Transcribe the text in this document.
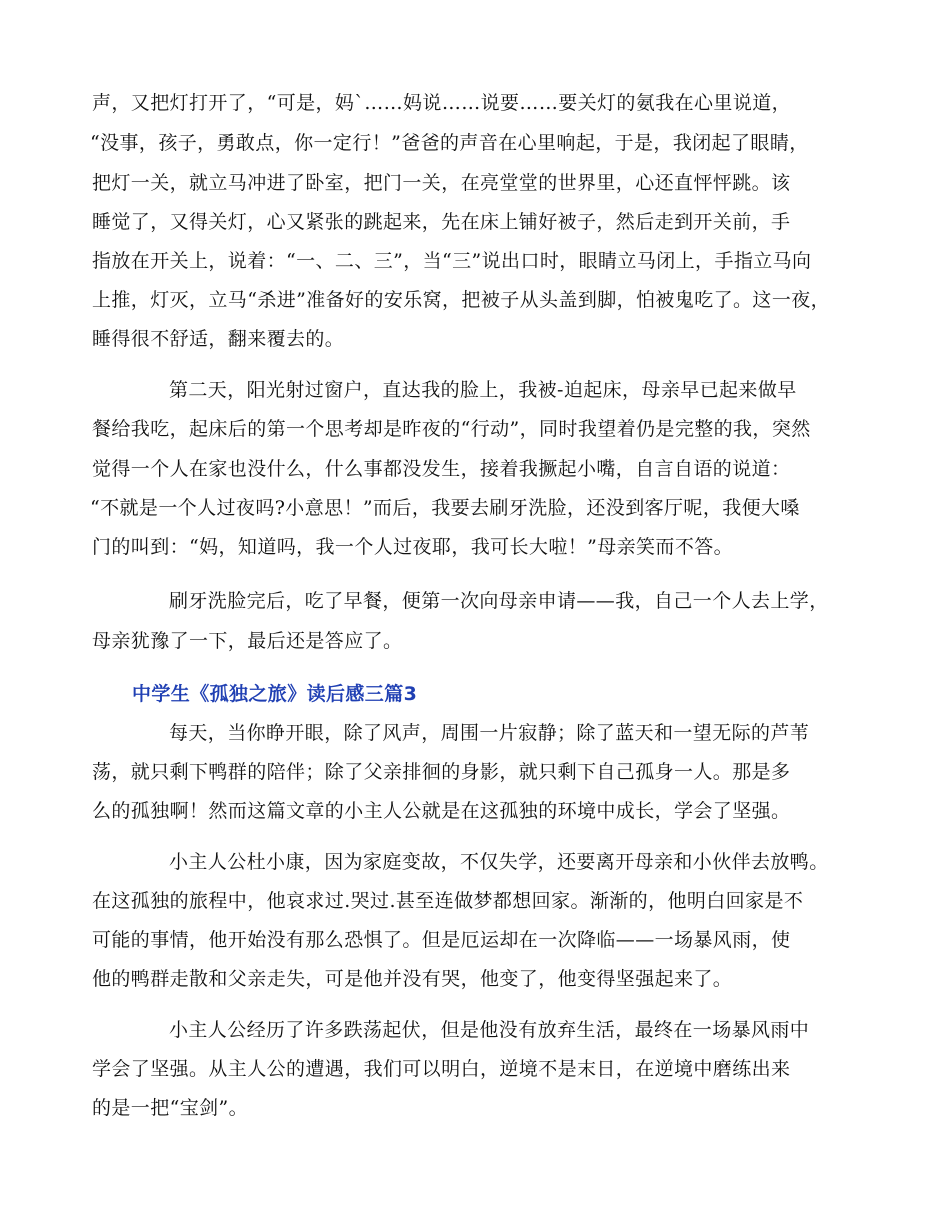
声，又把灯打开了，“可是，妈`……妈说……说要……要关灯的氨我在心里说道，
“没事，孩子，勇敢点，你一定行！”爸爸的声音在心里响起，于是，我闭起了眼睛，
把灯一关，就立马冲进了卧室，把门一关，在亮堂堂的世界里，心还直怦怦跳。该
睡觉了，又得关灯，心又紧张的跳起来，先在床上铺好被子，然后走到开关前，手
指放在开关上，说着：“一、二、三”，当“三”说出口时，眼睛立马闭上，手指立马向
上推，灯灭，立马“杀进”准备好的安乐窝，把被子从头盖到脚，怕被鬼吃了。这一夜，
睡得很不舒适，翻来覆去的。
第二天，阳光射过窗户，直达我的脸上，我被-迫起床，母亲早已起来做早
餐给我吃，起床后的第一个思考却是昨夜的“行动”，同时我望着仍是完整的我，突然
觉得一个人在家也没什么，什么事都没发生，接着我撅起小嘴，自言自语的说道：
“不就是一个人过夜吗?小意思！”而后，我要去刷牙洗脸，还没到客厅呢，我便大嗓
门的叫到：“妈，知道吗，我一个人过夜耶，我可长大啦！”母亲笑而不答。
刷牙洗脸完后，吃了早餐，便第一次向母亲申请——我，自己一个人去上学，
母亲犹豫了一下，最后还是答应了。
中学生《孤独之旅》读后感三篇3
每天，当你睁开眼，除了风声，周围一片寂静；除了蓝天和一望无际的芦苇
荡，就只剩下鸭群的陪伴；除了父亲排徊的身影，就只剩下自己孤身一人。那是多
么的孤独啊！然而这篇文章的小主人公就是在这孤独的环境中成长，学会了坚强。
小主人公杜小康，因为家庭变故，不仅失学，还要离开母亲和小伙伴去放鸭。
在这孤独的旅程中，他哀求过.哭过.甚至连做梦都想回家。渐渐的，他明白回家是不
可能的事情，他开始没有那么恐惧了。但是厄运却在一次降临——一场暴风雨，使
他的鸭群走散和父亲走失，可是他并没有哭，他变了，他变得坚强起来了。
小主人公经历了许多跌荡起伏，但是他没有放弃生活，最终在一场暴风雨中
学会了坚强。从主人公的遭遇，我们可以明白，逆境不是末日，在逆境中磨练出来
的是一把“宝剑”。
